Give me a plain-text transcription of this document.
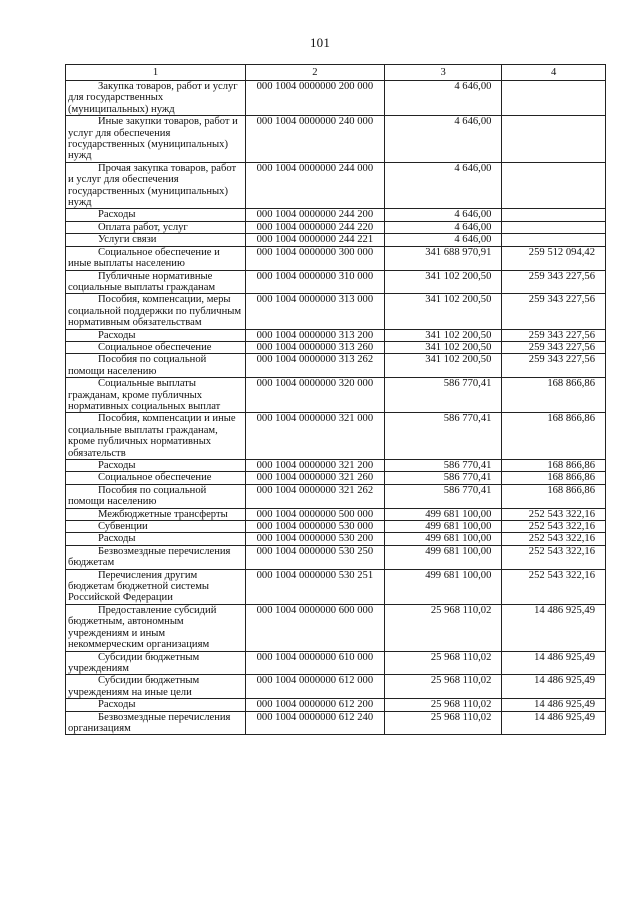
101
1	2	3	4
Закупка товаров, работ и услуг для государственных (муниципальных) нужд	000 1004 0000000 200 000	4 646,00	
Иные закупки товаров, работ и услуг для обеспечения государственных (муниципальных) нужд	000 1004 0000000 240 000	4 646,00	
Прочая закупка товаров, работ и услуг для обеспечения государственных (муниципальных) нужд	000 1004 0000000 244 000	4 646,00	
Расходы	000 1004 0000000 244 200	4 646,00	
Оплата работ, услуг	000 1004 0000000 244 220	4 646,00	
Услуги связи	000 1004 0000000 244 221	4 646,00	
Социальное обеспечение и иные выплаты населению	000 1004 0000000 300 000	341 688 970,91	259 512 094,42
Публичные нормативные социальные выплаты гражданам	000 1004 0000000 310 000	341 102 200,50	259 343 227,56
Пособия, компенсации, меры социальной поддержки по публичным нормативным обязательствам	000 1004 0000000 313 000	341 102 200,50	259 343 227,56
Расходы	000 1004 0000000 313 200	341 102 200,50	259 343 227,56
Социальное обеспечение	000 1004 0000000 313 260	341 102 200,50	259 343 227,56
Пособия по социальной помощи населению	000 1004 0000000 313 262	341 102 200,50	259 343 227,56
Социальные выплаты гражданам, кроме публичных нормативных социальных выплат	000 1004 0000000 320 000	586 770,41	168 866,86
Пособия, компенсации и иные социальные выплаты гражданам, кроме публичных нормативных обязательств	000 1004 0000000 321 000	586 770,41	168 866,86
Расходы	000 1004 0000000 321 200	586 770,41	168 866,86
Социальное обеспечение	000 1004 0000000 321 260	586 770,41	168 866,86
Пособия по социальной помощи населению	000 1004 0000000 321 262	586 770,41	168 866,86
Межбюджетные трансферты	000 1004 0000000 500 000	499 681 100,00	252 543 322,16
Субвенции	000 1004 0000000 530 000	499 681 100,00	252 543 322,16
Расходы	000 1004 0000000 530 200	499 681 100,00	252 543 322,16
Безвозмездные перечисления бюджетам	000 1004 0000000 530 250	499 681 100,00	252 543 322,16
Перечисления другим бюджетам бюджетной системы Российской Федерации	000 1004 0000000 530 251	499 681 100,00	252 543 322,16
Предоставление субсидий бюджетным, автономным учреждениям и иным некоммерческим организациям	000 1004 0000000 600 000	25 968 110,02	14 486 925,49
Субсидии бюджетным учреждениям	000 1004 0000000 610 000	25 968 110,02	14 486 925,49
Субсидии бюджетным учреждениям на иные цели	000 1004 0000000 612 000	25 968 110,02	14 486 925,49
Расходы	000 1004 0000000 612 200	25 968 110,02	14 486 925,49
Безвозмездные перечисления организациям	000 1004 0000000 612 240	25 968 110,02	14 486 925,49
